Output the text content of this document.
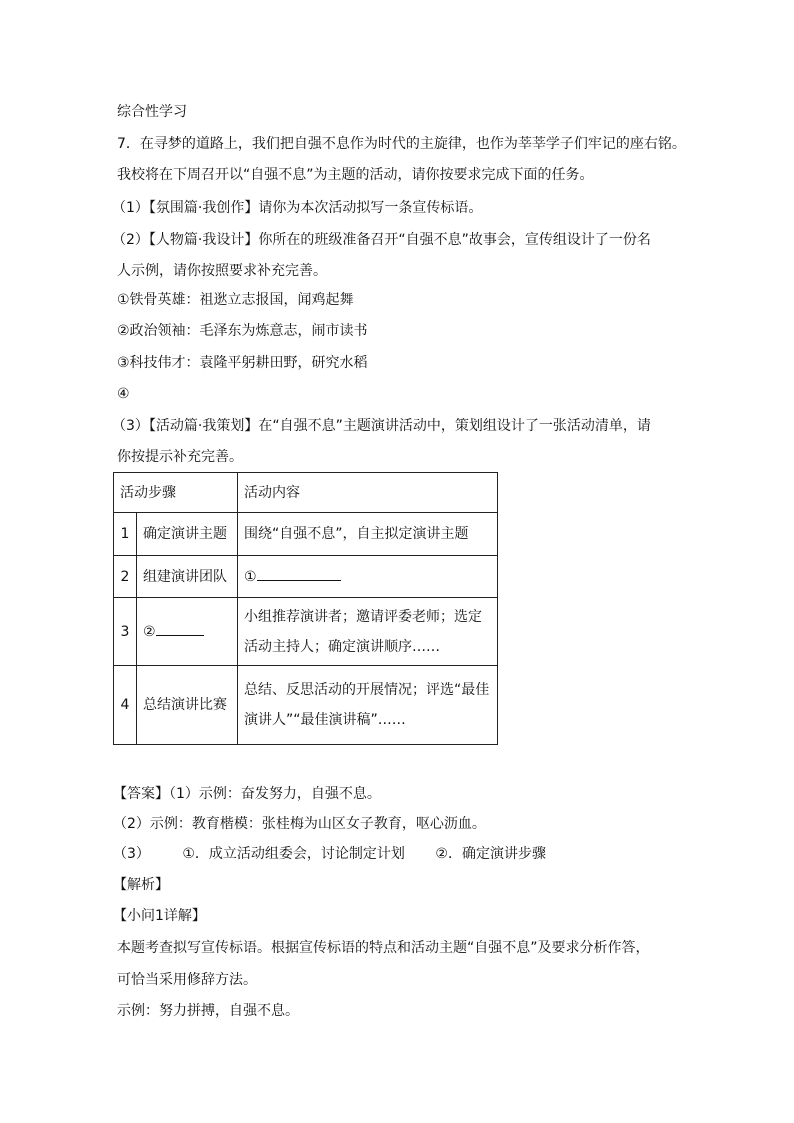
综合性学习
7．在寻梦的道路上，我们把自强不息作为时代的主旋律，也作为莘莘学子们牢记的座右铭。
我校将在下周召开以“自强不息”为主题的活动，请你按要求完成下面的任务。
（1）【氛围篇·我创作】请你为本次活动拟写一条宣传标语。
（2）【人物篇·我设计】你所在的班级准备召开“自强不息”故事会，宣传组设计了一份名
人示例，请你按照要求补充完善。
①铁骨英雄：祖逖立志报国，闻鸡起舞
②政治领袖：毛泽东为炼意志，闹市读书
③科技伟才：袁隆平躬耕田野，研究水稻
④
（3）【活动篇·我策划】在“自强不息”主题演讲活动中，策划组设计了一张活动清单，请
你按提示补充完善。
活动步骤		活动内容
1	确定演讲主题	围绕“自强不息”，自主拟定演讲主题
2	组建演讲团队	①
3	②	小组推荐演讲者；邀请评委老师；选定活动主持人；确定演讲顺序……
4	总结演讲比赛	总结、反思活动的开展情况；评选“最佳演讲人”“最佳演讲稿”……
【答案】（1）示例：奋发努力，自强不息。
（2）示例：教育楷模：张桂梅为山区女子教育，呕心沥血。
（3） ①．成立活动组委会，讨论制定计划 ②．确定演讲步骤
【解析】
【小问1详解】
本题考查拟写宣传标语。根据宣传标语的特点和活动主题“自强不息”及要求分析作答，
可恰当采用修辞方法。
示例：努力拼搏，自强不息。
